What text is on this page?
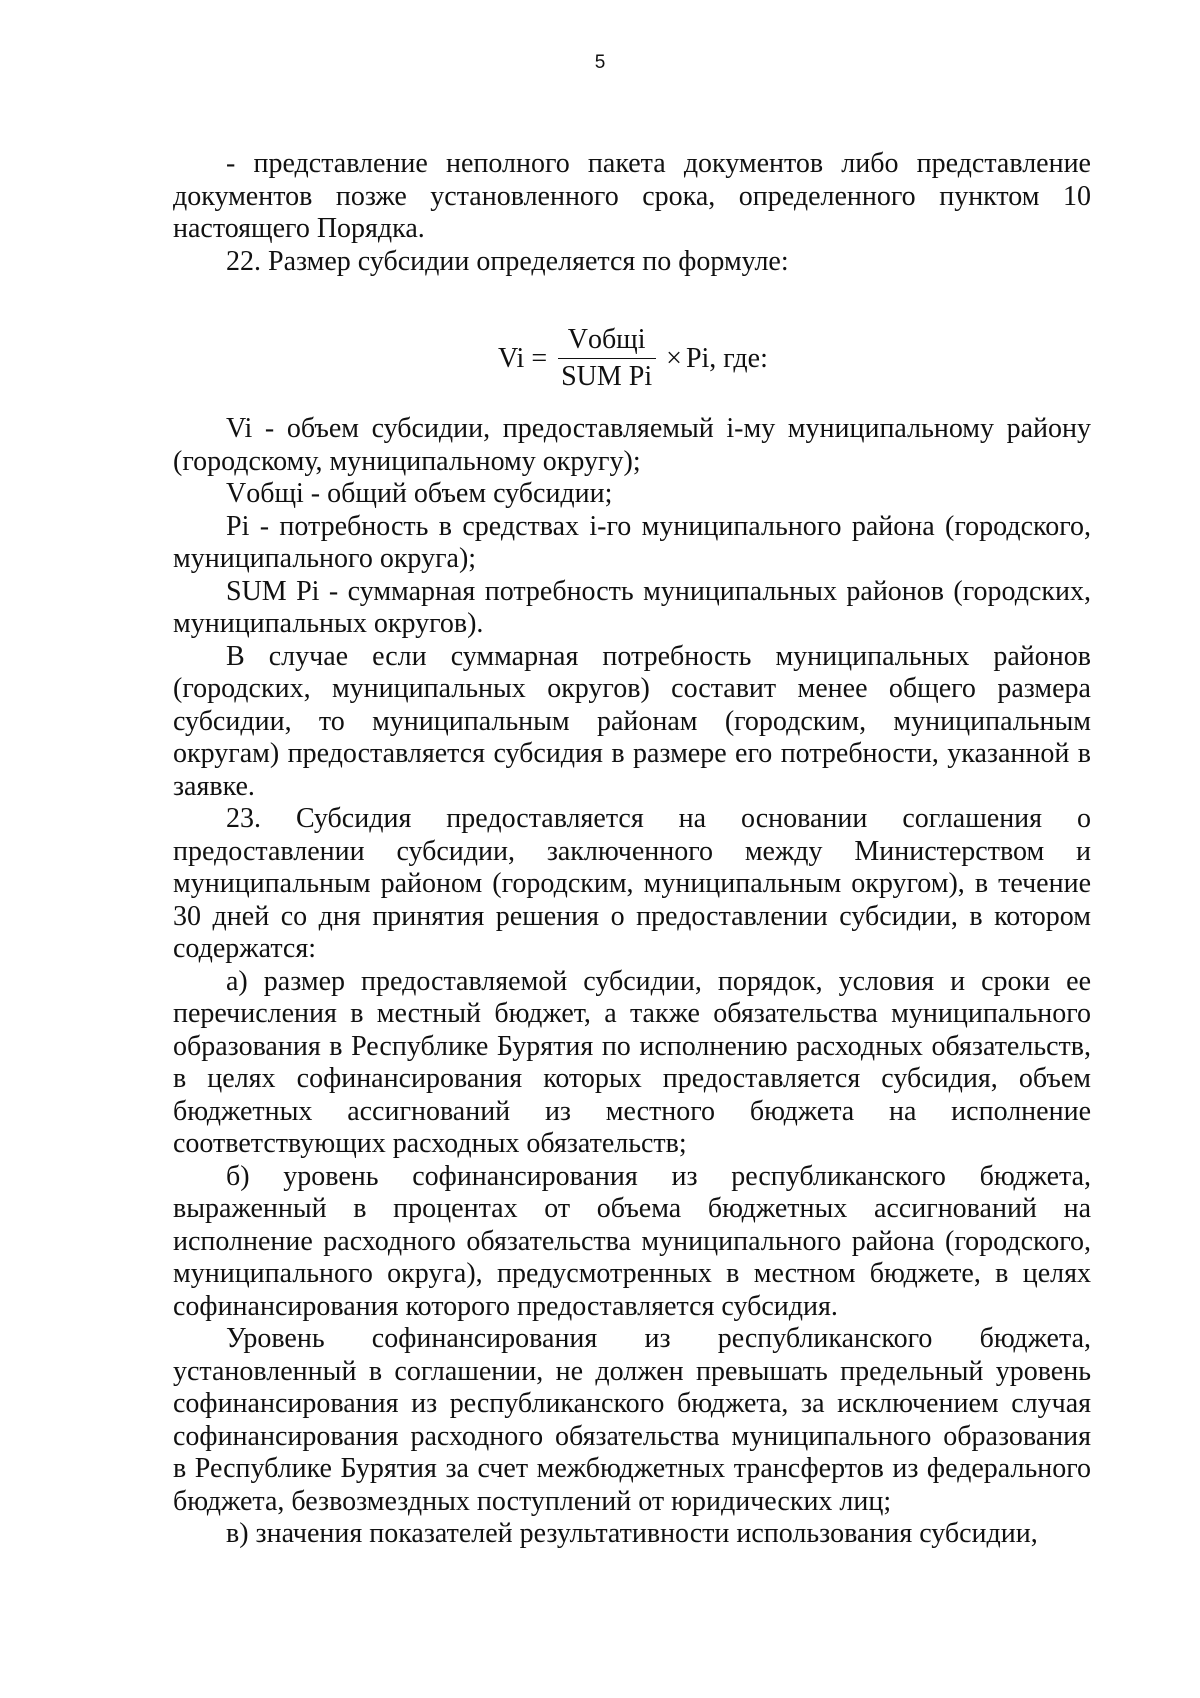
5

- представление неполного пакета документов либо представление документов позже установленного срока, определенного пунктом 10 настоящего Порядка.

22. Размер субсидии определяется по формуле:

$Vi = \frac{\text{Vобщi}}{\text{SUM Pi}} \times Pi$, где:

Vi - объем субсидии, предоставляемый i-му муниципальному району (городскому, муниципальному округу);

Vобщi - общий объем субсидии;

Pi - потребность в средствах i-го муниципального района (городского, муниципального округа);

SUM Pi - суммарная потребность муниципальных районов (городских, муниципальных округов).

В случае если суммарная потребность муниципальных районов (городских, муниципальных округов) составит менее общего размера субсидии, то муниципальным районам (городским, муниципальным округам) предоставляется субсидия в размере его потребности, указанной в заявке.

23. Субсидия предоставляется на основании соглашения о предоставлении субсидии, заключенного между Министерством и муниципальным районом (городским, муниципальным округом), в течение 30 дней со дня принятия решения о предоставлении субсидии, в котором содержатся:

а) размер предоставляемой субсидии, порядок, условия и сроки ее перечисления в местный бюджет, а также обязательства муниципального образования в Республике Бурятия по исполнению расходных обязательств, в целях софинансирования которых предоставляется субсидия, объем бюджетных ассигнований из местного бюджета на исполнение соответствующих расходных обязательств;

б) уровень софинансирования из республиканского бюджета, выраженный в процентах от объема бюджетных ассигнований на исполнение расходного обязательства муниципального района (городского, муниципального округа), предусмотренных в местном бюджете, в целях софинансирования которого предоставляется субсидия.

Уровень софинансирования из республиканского бюджета, установленный в соглашении, не должен превышать предельный уровень софинансирования из республиканского бюджета, за исключением случая софинансирования расходного обязательства муниципального образования в Республике Бурятия за счет межбюджетных трансфертов из федерального бюджета, безвозмездных поступлений от юридических лиц;

в) значения показателей результативности использования субсидии,
